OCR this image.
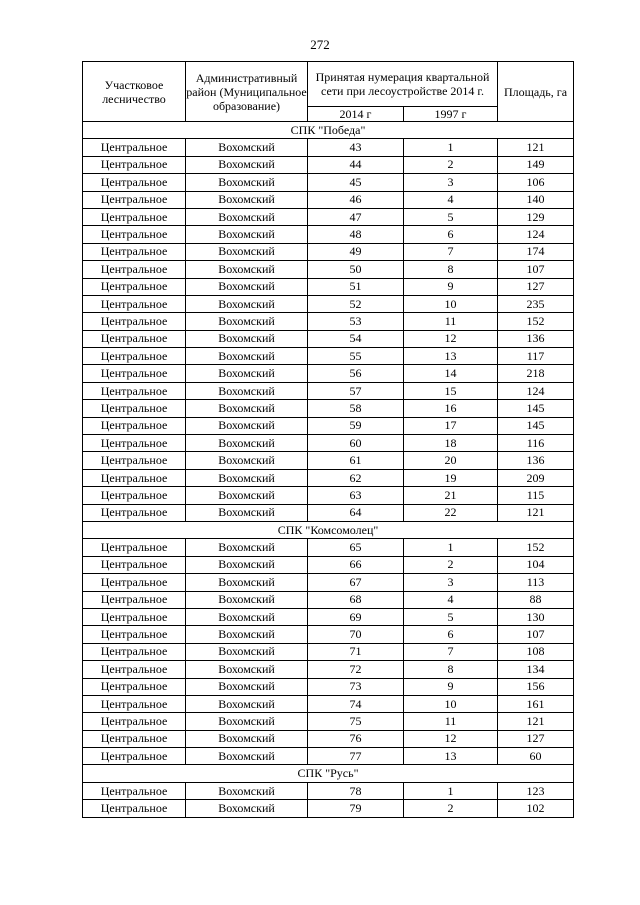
272
Участковое лесничество	Административный район (Муниципальное образование)	Принятая нумерация квартальной сети при лесоустройстве 2014 г.		Площадь, га
		2014 г	1997 г	
СПК "Победа"				
Центральное	Вохомский	43	1	121
Центральное	Вохомский	44	2	149
Центральное	Вохомский	45	3	106
Центральное	Вохомский	46	4	140
Центральное	Вохомский	47	5	129
Центральное	Вохомский	48	6	124
Центральное	Вохомский	49	7	174
Центральное	Вохомский	50	8	107
Центральное	Вохомский	51	9	127
Центральное	Вохомский	52	10	235
Центральное	Вохомский	53	11	152
Центральное	Вохомский	54	12	136
Центральное	Вохомский	55	13	117
Центральное	Вохомский	56	14	218
Центральное	Вохомский	57	15	124
Центральное	Вохомский	58	16	145
Центральное	Вохомский	59	17	145
Центральное	Вохомский	60	18	116
Центральное	Вохомский	61	20	136
Центральное	Вохомский	62	19	209
Центральное	Вохомский	63	21	115
Центральное	Вохомский	64	22	121
СПК "Комсомолец"				
Центральное	Вохомский	65	1	152
Центральное	Вохомский	66	2	104
Центральное	Вохомский	67	3	113
Центральное	Вохомский	68	4	88
Центральное	Вохомский	69	5	130
Центральное	Вохомский	70	6	107
Центральное	Вохомский	71	7	108
Центральное	Вохомский	72	8	134
Центральное	Вохомский	73	9	156
Центральное	Вохомский	74	10	161
Центральное	Вохомский	75	11	121
Центральное	Вохомский	76	12	127
Центральное	Вохомский	77	13	60
СПК "Русь"				
Центральное	Вохомский	78	1	123
Центральное	Вохомский	79	2	102
